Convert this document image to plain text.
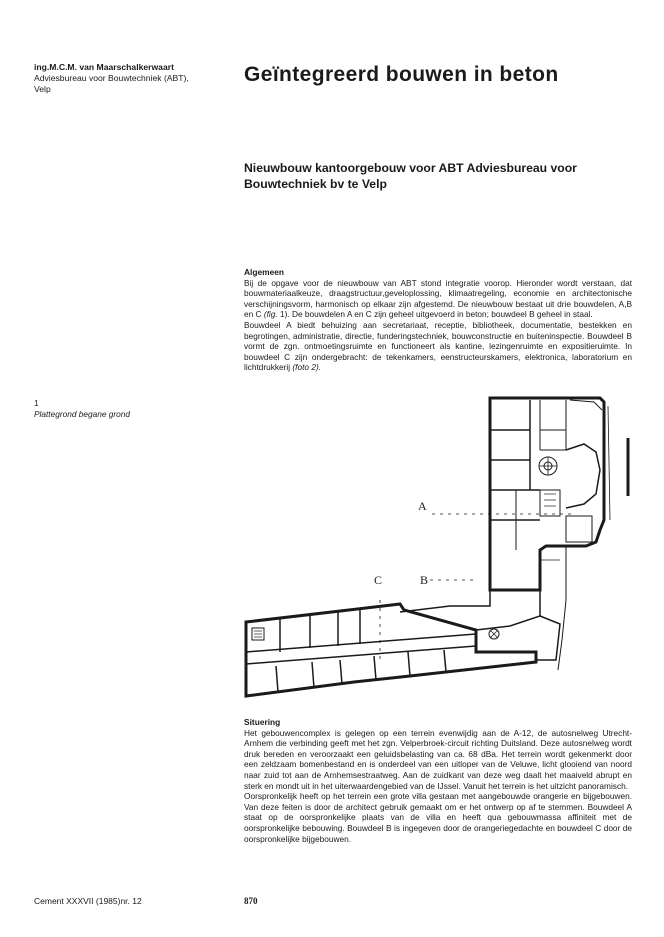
ing.M.C.M. van Maarschalkerwaart
Adviesbureau voor Bouwtechniek (ABT),
Velp
Geïntegreerd bouwen in beton
Nieuwbouw kantoorgebouw voor ABT Adviesbureau voor Bouwtechniek bv te Velp
Algemeen

Bij de opgave voor de nieuwbouw van ABT stond integratie voorop. Hieronder wordt verstaan, dat bouwmateriaalkeuze, draagstructuur,geveloplossing, klimaatregeling, economie en architectonische verschijningsvorm, harmonisch op elkaar zijn afgestemd. De nieuwbouw bestaat uit drie bouwdelen, A,B en C (fig. 1). De bouwdelen A en C zijn geheel uitgevoerd in beton; bouwdeel B geheel in staal.

Bouwdeel A biedt behuizing aan secretariaat, receptie, bibliotheek, documentatie, bestekken en begrotingen, administratie, directie, funderingstechniek, bouwconstructie en buiteninspectie. Bouwdeel B vormt de zgn. ontmoetingsruimte en functioneert als kantine, lezingenruimte en expositieruimte. In bouwdeel C zijn ondergebracht: de tekenkamers, eenstructeurskamers, elektronica, laboratorium en lichtdrukkerij (foto 2).

1
Plattegrond begane grond
A
B
C
Situering

Het gebouwencomplex is gelegen op een terrein evenwijdig aan de A-12, de autosnelweg Utrecht-Arnhem die verbinding geeft met het zgn. Velperbroek-circuit richting Duitsland. Deze autosnelweg wordt druk bereden en veroorzaakt een geluidsbelasting van ca. 68 dBa. Het terrein wordt gekenmerkt door een zeldzaam bomenbestand en is onderdeel van een uitloper van de Veluwe, licht glooiend van noord naar zuid tot aan de Arnhemsestraatweg. Aan de zuidkant van deze weg daalt het maaiveld abrupt en sterk en mondt uit in het uiterwaardengebied van de IJssel. Vanuit het terrein is het uitzicht panoramisch.

Oorspronkelijk heeft op het terrein een grote villa gestaan met aangebouwde orangerie en bijgebouwen. Van deze feiten is door de architect gebruik gemaakt om er het ontwerp op af te stemmen. Bouwdeel A staat op de oorspronkelijke plaats van de villa en heeft qua gebouwmassa affiniteit met de oorspronkelijke bebouwing. Bouwdeel B is ingegeven door de orangeriegedachte en bouwdeel C door de oorspronkelijke bijgebouwen.

Cement XXXVII (1985)nr. 12	870
